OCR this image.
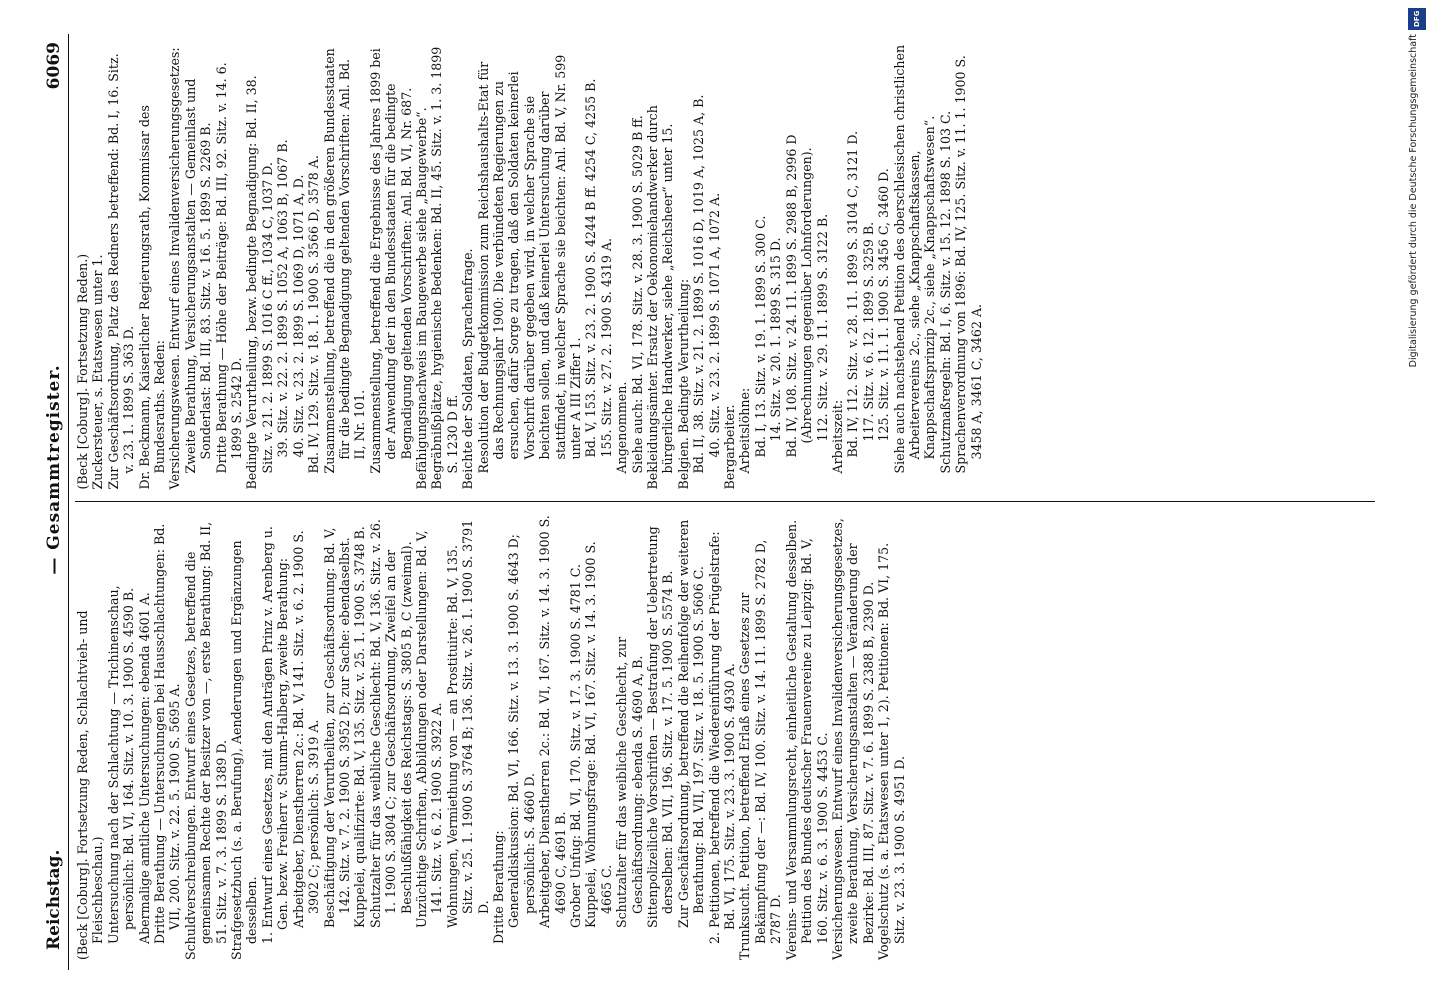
Reichstag.
— Gesammtregister.
6069

(Beck [Coburg]. Fortsetzung Reden, Schlachtvieh- und Fleischbeschau.) Untersuchung nach der Schlachtung — Trichinenschau, persönlich: Bd. VI, 164. Sitz. v. 10. 3. 1900 S. 4590 B. Abermalige amtliche Untersuchungen: ebenda 4601 A. Dritte Berathung — Untersuchungen bei Hausschlachtungen: Bd. VII, 200. Sitz. v. 22. 5. 1900 S. 5695 A. Schuldverschreibungen. Entwurf eines Gesetzes, betreffend die gemeinsamen Rechte der Besitzer von —, erste Berathung: Bd. II, 51. Sitz. v. 7. 3. 1899 S. 1389 D. Strafgesetzbuch (s. a. Berufung), Aenderungen und Ergänzungen desselben. 1. Entwurf eines Gesetzes, mit den Anträgen Prinz v. Arenberg u. Gen. bezw. Freiherr v. Stumm-Halberg, zweite Berathung: Arbeitgeber, Dienstherren 2c.: Bd. V, 141. Sitz. v. 6. 2. 1900 S. 3902 C; persönlich: S. 3919 A. Beschäftigung der Verurtheilten, zur Geschäftsordnung: Bd. V, 142. Sitz. v. 7. 2. 1900 S. 3952 D; zur Sache: ebendaselbst. Kuppelei, qualifizirte: Bd. V, 135. Sitz. v. 25. 1. 1900 S. 3748 B. Schutzalter für das weibliche Geschlecht: Bd. V, 136. Sitz. v. 26. 1. 1900 S. 3804 C; zur Geschäftsordnung, Zweifel an der Beschlußfähigkeit des Reichstags: S. 3805 B, C (zweimal). Unzüchtige Schriften, Abbildungen oder Darstellungen: Bd. V, 141. Sitz. v. 6. 2. 1900 S. 3922 A. Wohnungen, Vermiethung von — an Prostituirte: Bd. V, 135. Sitz. v. 25. 1. 1900 S. 3764 B; 136. Sitz. v. 26. 1. 1900 S. 3791 D. Dritte Berathung: Generaldiskussion: Bd. VI, 166. Sitz. v. 13. 3. 1900 S. 4643 D; persönlich: S. 4660 D. Arbeitgeber, Dienstherren 2c.: Bd. VI, 167. Sitz. v. 14. 3. 1900 S. 4690 C, 4691 B. Grober Unfug: Bd. VI, 170. Sitz. v. 17. 3. 1900 S. 4781 C. Kuppelei, Wohnungsfrage: Bd. VI, 167. Sitz. v. 14. 3. 1900 S. 4665 C. Schutzalter für das weibliche Geschlecht, zur Geschäftsordnung: ebenda S. 4690 A, B. Sittenpolizeiliche Vorschriften — Bestrafung der Uebertretung derselben: Bd. VII, 196. Sitz. v. 17. 5. 1900 S. 5574 B. Zur Geschäftsordnung, betreffend die Reihenfolge der weiteren Berathung: Bd. VII, 197. Sitz. v. 18. 5. 1900 S. 5606 C. 2. Petitionen, betreffend die Wiedereinführung der Prügelstrafe: Bd. VI, 175. Sitz. v. 23. 3. 1900 S. 4930 A. Trunksucht. Petition, betreffend Erlaß eines Gesetzes zur Bekämpfung der —: Bd. IV, 100. Sitz. v. 14. 11. 1899 S. 2782 D, 2787 D. Vereins- und Versammlungsrecht, einheitliche Gestaltung desselben. Petition des Bundes deutscher Frauenvereine zu Leipzig: Bd. V, 160. Sitz. v. 6. 3. 1900 S. 4453 C. Versicherungswesen. Entwurf eines Invalidenversicherungsgesetzes, zweite Berathung, Versicherungsanstalten — Veränderung der Bezirke: Bd. III, 87. Sitz. v. 7. 6. 1899 S. 2388 B, 2390 D. Vogelschutz (s. a. Etatswesen unter 1, 2). Petitionen: Bd. VI, 175. Sitz. v. 23. 3. 1900 S. 4951 D.

(Beck [Coburg]. Fortsetzung Reden.) Zuckersteuer, s. Etatswesen unter 1. Zur Geschäftsordnung, Platz des Redners betreffend: Bd. I, 16. Sitz. v. 23. 1. 1899 S. 363 D. Dr. Beckmann, Kaiserlicher Regierungsrath, Kommissar des Bundesraths. Reden: Versicherungswesen. Entwurf eines Invalidenversicherungsgesetzes: Zweite Berathung, Versicherungsanstalten — Gemeinlast und Sonderlast: Bd. III, 83. Sitz. v. 16. 5. 1899 S. 2269 B. Dritte Berathung — Höhe der Beiträge: Bd. III, 92. Sitz. v. 14. 6. 1899 S. 2542 D. Bedingte Verurtheilung, bezw. bedingte Begnadigung: Bd. II, 38. Sitz. v. 21. 2. 1899 S. 1016 C ff., 1034 C, 1037 D. 39. Sitz. v. 22. 2. 1899 S. 1052 A, 1063 B, 1067 B. 40. Sitz. v. 23. 2. 1899 S. 1069 D, 1071 A, D. Bd. IV, 129. Sitz. v. 18. 1. 1900 S. 3566 D, 3578 A. Zusammenstellung, betreffend die in den größeren Bundesstaaten für die bedingte Begnadigung geltenden Vorschriften: Anl. Bd. II, Nr. 101. Zusammenstellung, betreffend die Ergebnisse des Jahres 1899 bei der Anwendung der in den Bundesstaaten für die bedingte Begnadigung geltenden Vorschriften: Anl. Bd. VI, Nr. 687. Befähigungsnachweis im Baugewerbe siehe „Baugewerbe“. Begräbnißplätze, hygienische Bedenken: Bd. II, 45. Sitz. v. 1. 3. 1899 S. 1230 D ff. Beichte der Soldaten, Sprachenfrage. Resolution der Budgetkommission zum Reichshaushalts-Etat für das Rechnungsjahr 1900: Die verbündeten Regierungen zu ersuchen, dafür Sorge zu tragen, daß den Soldaten keinerlei Vorschrift darüber gegeben wird, in welcher Sprache sie beichten sollen, und daß keinerlei Untersuchung darüber stattfindet, in welcher Sprache sie beichten: Anl. Bd. V, Nr. 599 unter A III Ziffer 1. Bd. V, 153. Sitz. v. 23. 2. 1900 S. 4244 B ff. 4254 C, 4255 B. 155. Sitz. v. 27. 2. 1900 S. 4319 A. Angenommen. Siehe auch: Bd. VI, 178. Sitz. v. 28. 3. 1900 S. 5029 B ff. Bekleidungsämter. Ersatz der Oekonomiehandwerker durch bürgerliche Handwerker, siehe „Reichsheer“ unter 15. Belgien. Bedingte Verurtheilung: Bd. II, 38. Sitz. v. 21. 2. 1899 S. 1016 D, 1019 A, 1025 A, B. 40. Sitz. v. 23. 2. 1899 S. 1071 A, 1072 A. Bergarbeiter. Arbeitslöhne: Bd. I, 13. Sitz. v. 19. 1. 1899 S. 300 C. 14. Sitz. v. 20. 1. 1899 S. 315 D. Bd. IV, 108. Sitz. v. 24. 11. 1899 S. 2988 B, 2996 D (Abrechnungen gegenüber Lohnforderungen). 112. Sitz. v. 29. 11. 1899 S. 3122 B. Arbeitszeit: Bd. IV, 112. Sitz. v. 28. 11. 1899 S. 3104 C, 3121 D. 117. Sitz. v. 6. 12. 1899 S. 3259 B. 125. Sitz. v. 11. 1. 1900 S. 3456 C, 3460 D. Siehe auch nachstehend Petition des oberschlesischen christlichen Arbeitervereins 2c., siehe „Knappschaftskassen, Knappschaftsprinzip 2c., siehe „Knappschaftswesen“. Schutzmaßregeln: Bd. I, 6. Sitz. v. 15. 12. 1898 S. 103 C. Sprachenverordnung von 1896: Bd. IV, 125. Sitz. v. 11. 1. 1900 S. 3458 A, 3461 C, 3462 A.

DFG
Digitalisierung gefördert durch die Deutsche Forschungsgemeinschaft
